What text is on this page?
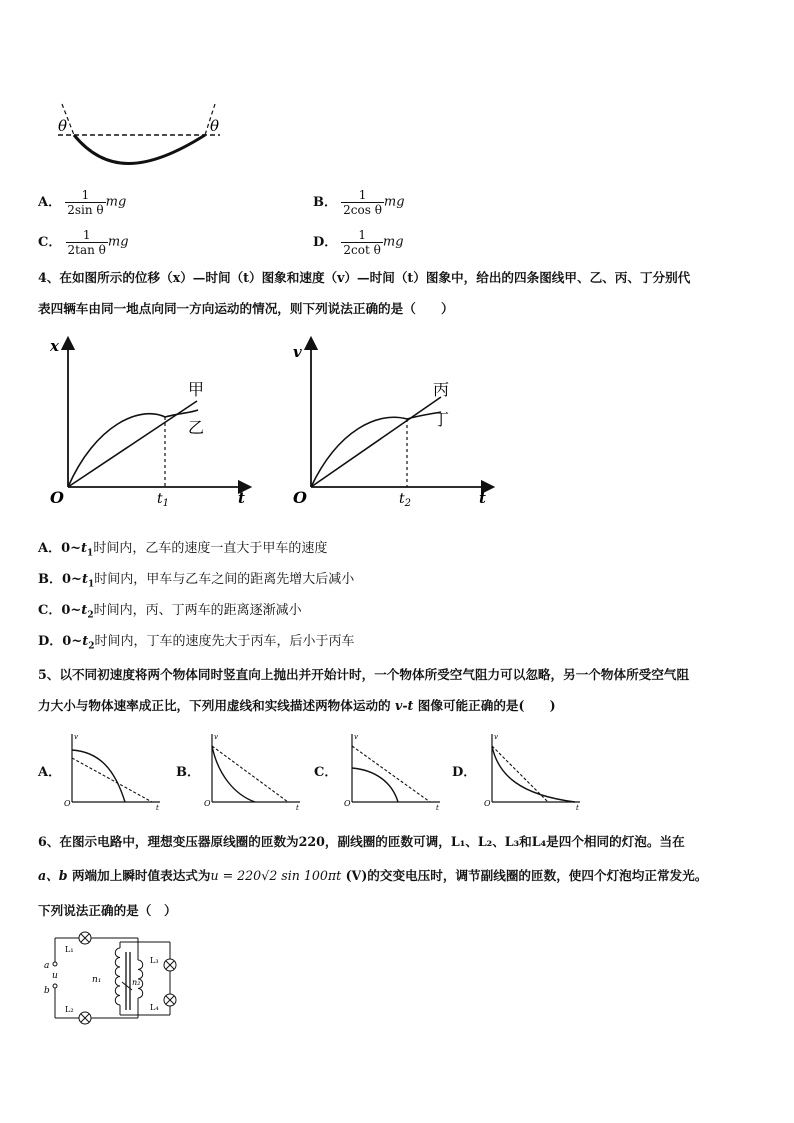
θ	θ
A． $\frac{1}{\text{2sin θ}}$ mg	B． $\frac{1}{\text{2cos θ}}$ mg
C． $\frac{1}{\text{2tan θ}}$ mg	D． $\frac{1}{\text{2cot θ}}$ mg
4、在如图所示的位移（x）—时间（t）图象和速度（v）—时间（t）图象中，给出的四条图线甲、乙、丙、丁分别代
表四辆车由同一地点向同一方向运动的情况，则下列说法正确的是（　　）
x
t
O	$t_1$
甲
乙
v
t
O	$t_2$
丙
丁
A．$0\sim t_1$时间内，乙车的速度一直大于甲车的速度
B．$0\sim t_1$时间内，甲车与乙车之间的距离先增大后减小
C．$0\sim t_2$时间内，丙、丁两车的距离逐渐减小
D．$0\sim t_2$时间内，丁车的速度先大于丙车，后小于丙车
5、以不同初速度将两个物体同时竖直向上抛出并开始计时，一个物体所受空气阻力可以忽略，另一个物体所受空气阻
力大小与物体速率成正比，下列用虚线和实线描述两物体运动的 v-t 图像可能正确的是(　　)
A．
v
t
O
B．
v
t
O
C．
v
t
O
D．
v
t
O
6、在图示电路中，理想变压器原线圈的匝数为220，副线圈的匝数可调，L₁、L₂、L₃和L₄是四个相同的灯泡。当在
a、b 两端加上瞬时值表达式为u = 220√2 sin 100πt (V)的交变电压时，调节副线圈的匝数，使四个灯泡均正常发光。
下列说法正确的是（　）
L₁
L₂
L₃
L₄
a
u
b
n₁	n₂
